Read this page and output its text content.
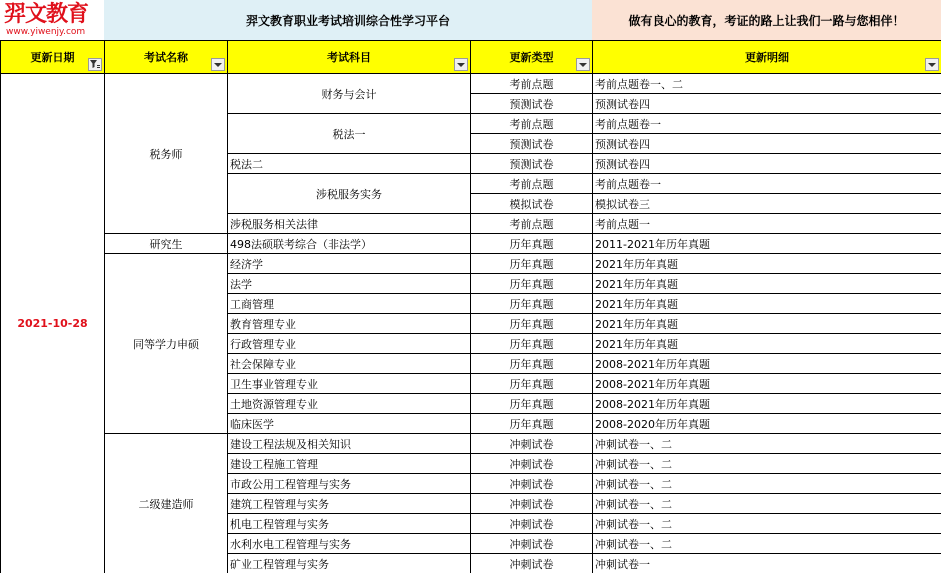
羿文教育
www.yiwenjy.com
羿文教育职业考试培训综合性学习平台	做有良心的教育，考证的路上让我们一路与您相伴！
更新日期	考试名称	考试科目	更新类型	更新明细

2021-10-28	税务师	财务与会计	考前点题	考前点题卷一、二
			预测试卷	预测试卷四
		税法一	考前点题	考前点题卷一
			预测试卷	预测试卷四
		税法二	预测试卷	预测试卷四
		涉税服务实务	考前点题	考前点题卷一
			模拟试卷	模拟试卷三
		涉税服务相关法律	考前点题	考前点题一
	研究生	498法硕联考综合（非法学）	历年真题	2011-2021年历年真题
	同等学力申硕	经济学	历年真题	2021年历年真题
		法学	历年真题	2021年历年真题
		工商管理	历年真题	2021年历年真题
		教育管理专业	历年真题	2021年历年真题
		行政管理专业	历年真题	2021年历年真题
		社会保障专业	历年真题	2008-2021年历年真题
		卫生事业管理专业	历年真题	2008-2021年历年真题
		土地资源管理专业	历年真题	2008-2021年历年真题
		临床医学	历年真题	2008-2020年历年真题
	二级建造师	建设工程法规及相关知识	冲刺试卷	冲刺试卷一、二
		建设工程施工管理	冲刺试卷	冲刺试卷一、二
		市政公用工程管理与实务	冲刺试卷	冲刺试卷一、二
		建筑工程管理与实务	冲刺试卷	冲刺试卷一、二
		机电工程管理与实务	冲刺试卷	冲刺试卷一、二
		水利水电工程管理与实务	冲刺试卷	冲刺试卷一、二
		矿业工程管理与实务	冲刺试卷	冲刺试卷一
